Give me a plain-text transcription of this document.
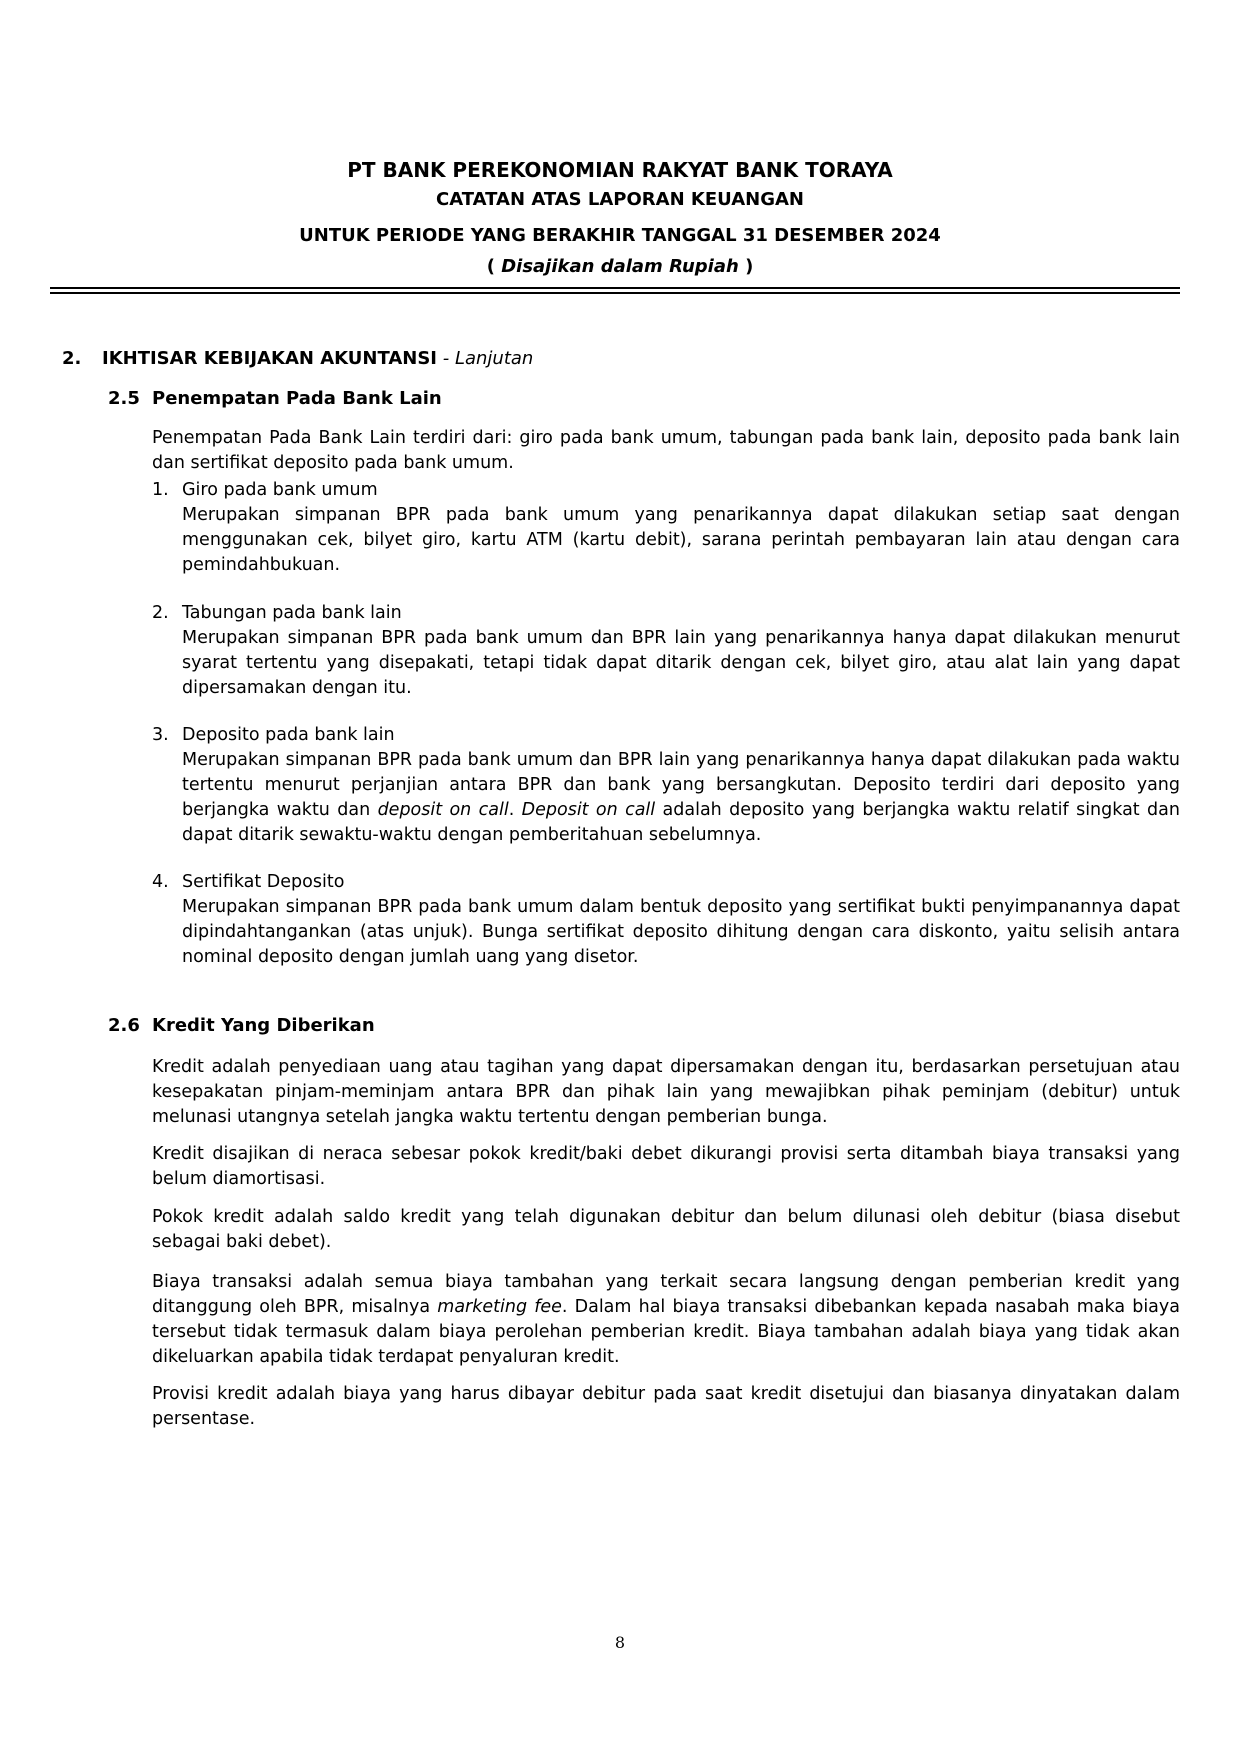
PT BANK PEREKONOMIAN RAKYAT BANK TORAYA
CATATAN ATAS LAPORAN KEUANGAN
UNTUK PERIODE YANG BERAKHIR TANGGAL 31 DESEMBER 2024
( Disajikan dalam Rupiah )
2. IKHTISAR KEBIJAKAN AKUNTANSI - Lanjutan
2.5 Penempatan Pada Bank Lain

Penempatan Pada Bank Lain terdiri dari: giro pada bank umum, tabungan pada bank lain, deposito pada bank lain dan sertifikat deposito pada bank umum.

1. Giro pada bank umum

Merupakan simpanan BPR pada bank umum yang penarikannya dapat dilakukan setiap saat dengan menggunakan cek, bilyet giro, kartu ATM (kartu debit), sarana perintah pembayaran lain atau dengan cara pemindahbukuan.

2. Tabungan pada bank lain

Merupakan simpanan BPR pada bank umum dan BPR lain yang penarikannya hanya dapat dilakukan menurut syarat tertentu yang disepakati, tetapi tidak dapat ditarik dengan cek, bilyet giro, atau alat lain yang dapat dipersamakan dengan itu.

3. Deposito pada bank lain

Merupakan simpanan BPR pada bank umum dan BPR lain yang penarikannya hanya dapat dilakukan pada waktu tertentu menurut perjanjian antara BPR dan bank yang bersangkutan. Deposito terdiri dari deposito yang berjangka waktu dan deposit on call. Deposit on call adalah deposito yang berjangka waktu relatif singkat dan dapat ditarik sewaktu-waktu dengan pemberitahuan sebelumnya.

4. Sertifikat Deposito

Merupakan simpanan BPR pada bank umum dalam bentuk deposito yang sertifikat bukti penyimpanannya dapat dipindahtangankan (atas unjuk). Bunga sertifikat deposito dihitung dengan cara diskonto, yaitu selisih antara nominal deposito dengan jumlah uang yang disetor.

2.6 Kredit Yang Diberikan

Kredit adalah penyediaan uang atau tagihan yang dapat dipersamakan dengan itu, berdasarkan persetujuan atau kesepakatan pinjam-meminjam antara BPR dan pihak lain yang mewajibkan pihak peminjam (debitur) untuk melunasi utangnya setelah jangka waktu tertentu dengan pemberian bunga.

Kredit disajikan di neraca sebesar pokok kredit/baki debet dikurangi provisi serta ditambah biaya transaksi yang belum diamortisasi.

Pokok kredit adalah saldo kredit yang telah digunakan debitur dan belum dilunasi oleh debitur (biasa disebut sebagai baki debet).

Biaya transaksi adalah semua biaya tambahan yang terkait secara langsung dengan pemberian kredit yang ditanggung oleh BPR, misalnya marketing fee. Dalam hal biaya transaksi dibebankan kepada nasabah maka biaya tersebut tidak termasuk dalam biaya perolehan pemberian kredit. Biaya tambahan adalah biaya yang tidak akan dikeluarkan apabila tidak terdapat penyaluran kredit.

Provisi kredit adalah biaya yang harus dibayar debitur pada saat kredit disetujui dan biasanya dinyatakan dalam persentase.

8
